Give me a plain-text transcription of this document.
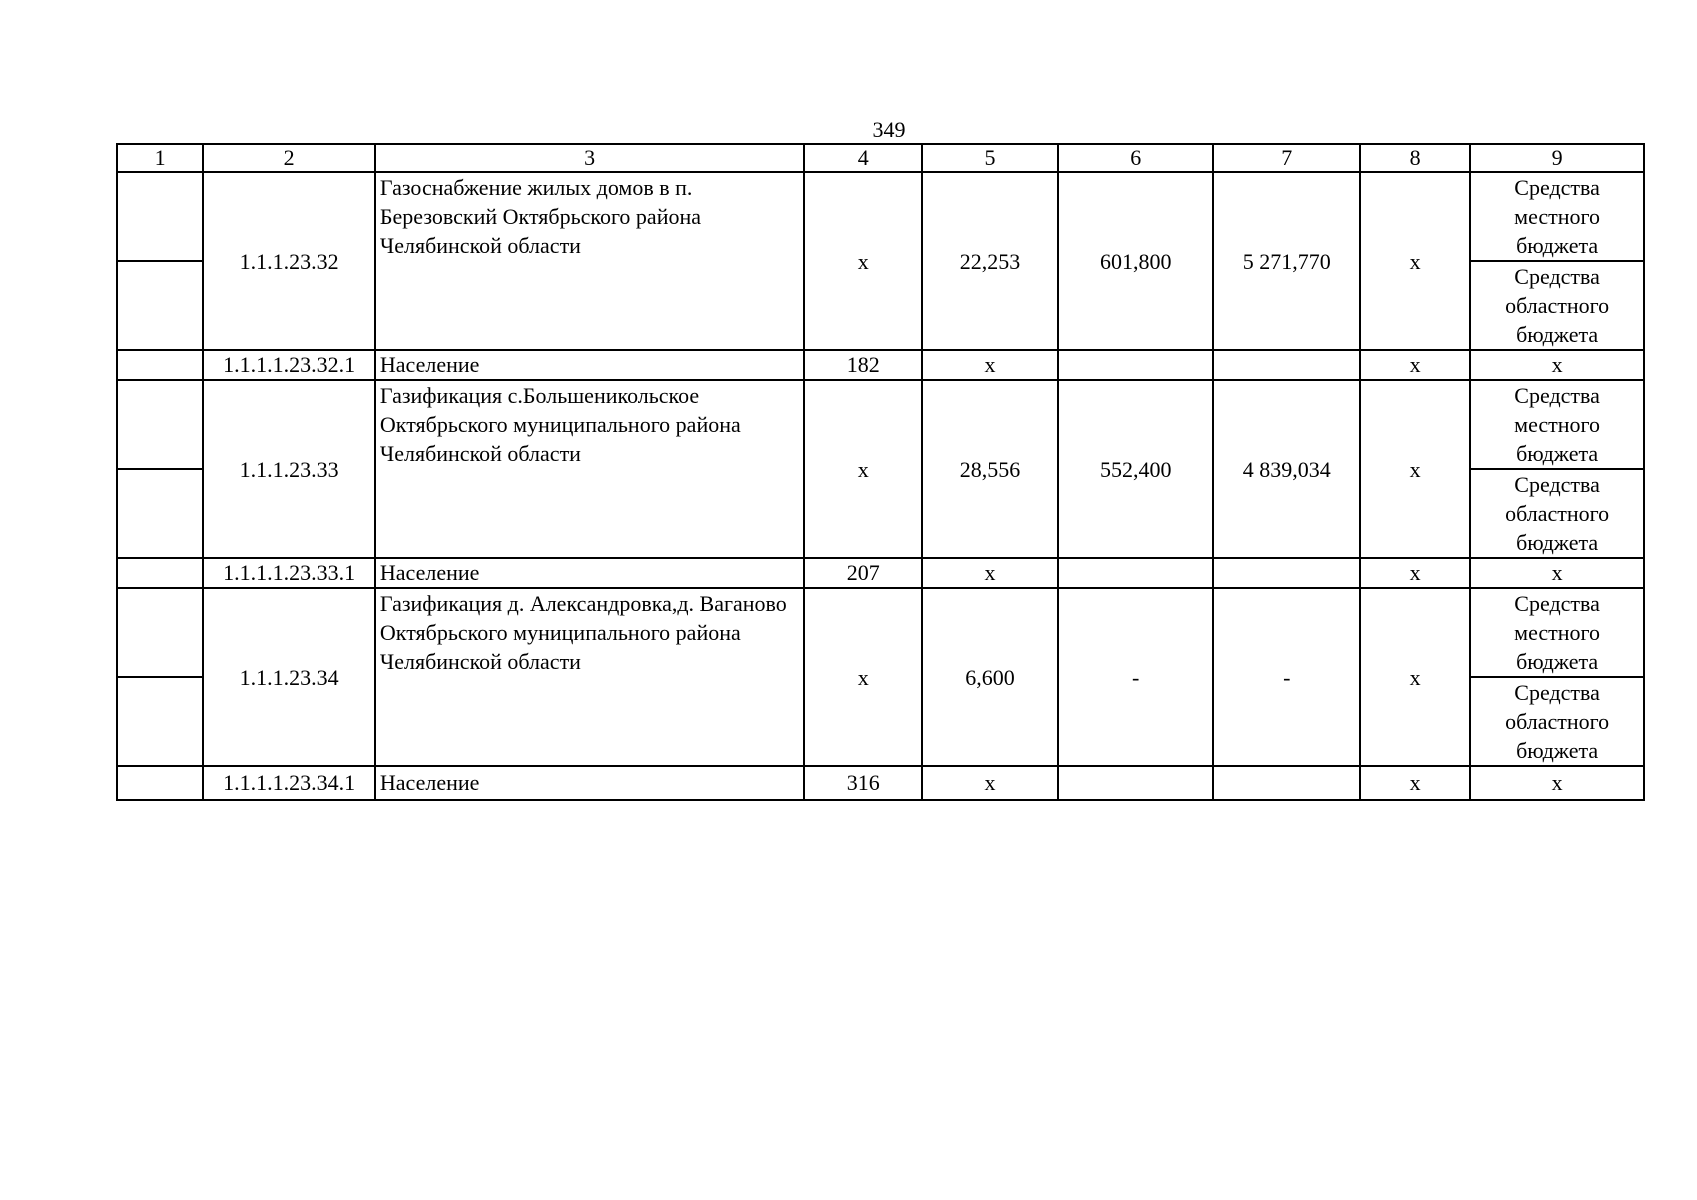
349
1	2	3	4	5	6	7	8	9
	1.1.1.23.32	Газоснабжение жилых домов в п. Березовский Октябрьского района Челябинской области	х	22,253	601,800	5 271,770	х	Средства местного бюджета
								Средства областного бюджета
	1.1.1.1.23.32.1	Население	182	х			х	х
	1.1.1.23.33	Газификация с.Большеникольское Октябрьского муниципального района Челябинской области	х	28,556	552,400	4 839,034	х	Средства местного бюджета
								Средства областного бюджета
	1.1.1.1.23.33.1	Население	207	х			х	х
	1.1.1.23.34	Газификация д. Александровка,д. Ваганово Октябрьского муниципального района Челябинской области	х	6,600	-	-	х	Средства местного бюджета
								Средства областного бюджета
	1.1.1.1.23.34.1	Население	316	х			х	х
